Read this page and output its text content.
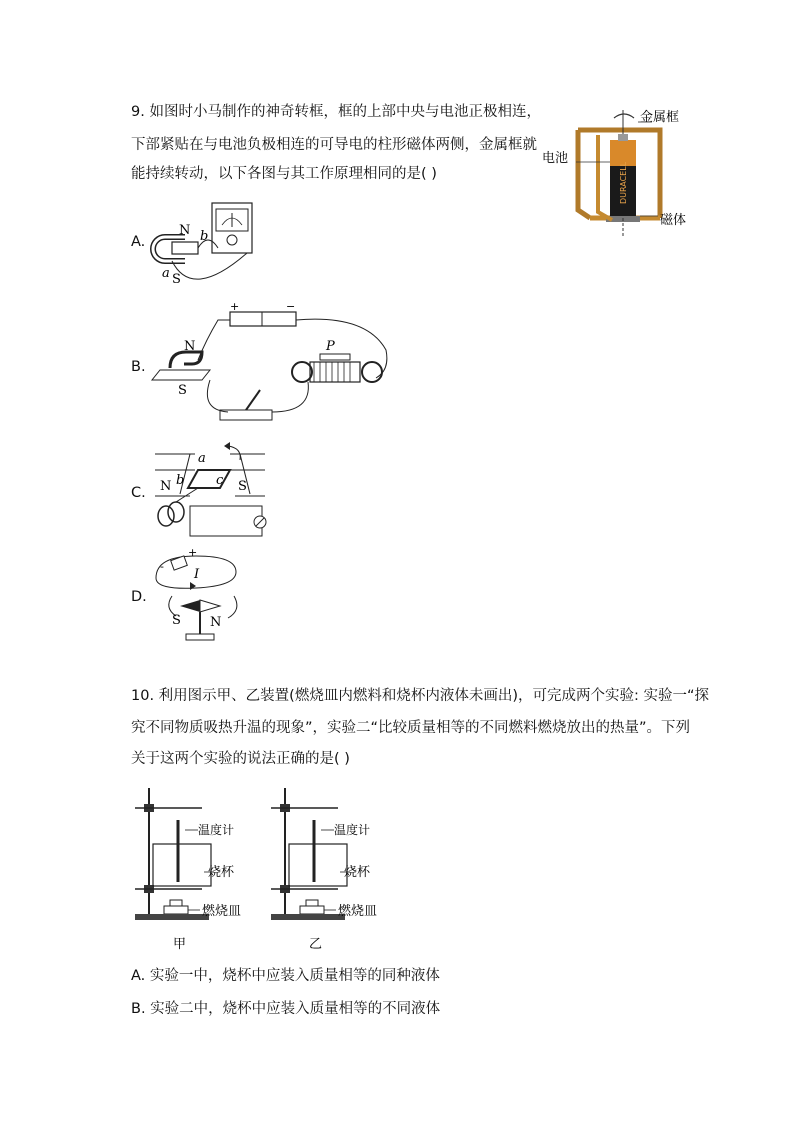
9. 如图时小马制作的神奇转框，框的上部中央与电池正极相连，
下部紧贴在与电池负极相连的可导电的柱形磁体两侧，金属框就
能持续转动，以下各图与其工作原理相同的是( )	DURACELL
金属框
电池
磁体
A.
N b
a S
B.
+	−
N
S
P
C.
a
b c
N	S
D.
-
+
I
S N
10. 利用图示甲、乙装置(燃烧皿内燃料和烧杯内液体未画出)，可完成两个实验: 实验一“探
究不同物质吸热升温的现象”，实验二“比较质量相等的不同燃料燃烧放出的热量”。下列
关于这两个实验的说法正确的是( )
温度计
烧杯
燃烧皿
甲
温度计
烧杯
燃烧皿
乙
A. 实验一中，烧杯中应装入质量相等的同种液体
B. 实验二中，烧杯中应装入质量相等的不同液体
